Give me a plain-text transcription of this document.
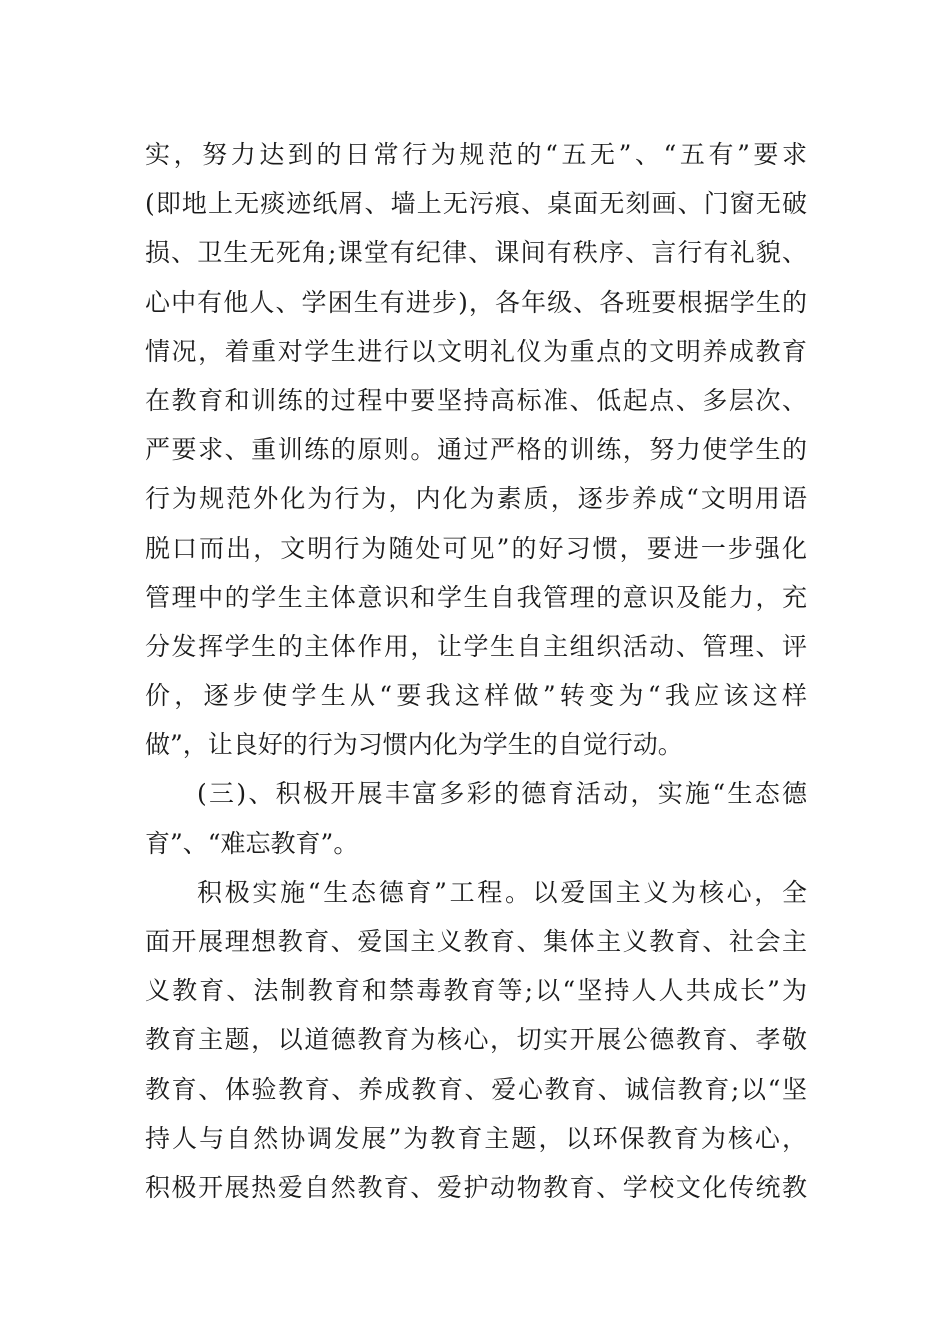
实，努力达到的日常行为规范的“五无”、“五有”要求
(即地上无痰迹纸屑、墙上无污痕、桌面无刻画、门窗无破
损、卫生无死角;课堂有纪律、课间有秩序、言行有礼貌、
心中有他人、学困生有进步)，各年级、各班要根据学生的
情况，着重对学生进行以文明礼仪为重点的文明养成教育
在教育和训练的过程中要坚持高标准、低起点、多层次、
严要求、重训练的原则。通过严格的训练，努力使学生的
行为规范外化为行为，内化为素质，逐步养成“文明用语
脱口而出，文明行为随处可见”的好习惯，要进一步强化
管理中的学生主体意识和学生自我管理的意识及能力，充
分发挥学生的主体作用，让学生自主组织活动、管理、评
价，逐步使学生从“要我这样做”转变为“我应该这样
做”，让良好的行为习惯内化为学生的自觉行动。
(三)、积极开展丰富多彩的德育活动，实施“生态德
育”、“难忘教育”。
积极实施“生态德育”工程。以爱国主义为核心，全
面开展理想教育、爱国主义教育、集体主义教育、社会主
义教育、法制教育和禁毒教育等;以“坚持人人共成长”为
教育主题，以道德教育为核心，切实开展公德教育、孝敬
教育、体验教育、养成教育、爱心教育、诚信教育;以“坚
持人与自然协调发展”为教育主题，以环保教育为核心，
积极开展热爱自然教育、爱护动物教育、学校文化传统教
